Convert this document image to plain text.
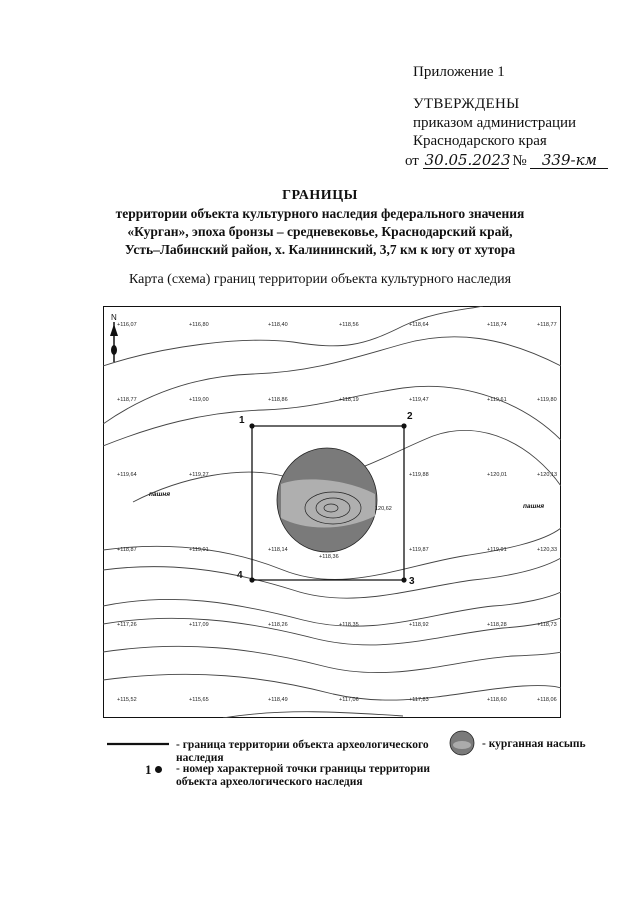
Приложение 1
УТВЕРЖДЕНЫ
приказом администрации
Краснодарского края
от 30.05.2023 № 339-км
ГРАНИЦЫ
территории объекта культурного наследия федерального значения
«Курган», эпоха бронзы – средневековье, Краснодарский край,
Усть–Лабинский район, х. Калининский, 3,7 км к югу от хутора
Карта (схема) границ территории объекта культурного наследия
N
+116,07	+116,80	+118,40	+118,56	+118,64	+118,74	+118,77
+118,77	+119,00	+118,86	+118,19	+119,47	+119,61	+119,80
+119,64	+119,27	+119,88	+120,01	+120,13
+118,87	+119,01	+118,14
+118,36
+119,87	+119,91	+120,33
+117,26	+117,09	+118,26	+118,35	+118,92	+118,28	+118,73
+115,52	+115,65	+118,49	+117,06	+117,83	+118,60	+118,06
пашня
пашня
120,62
1	2
3
4
- граница территории объекта археологического
наследия
- курганная насыпь
1	- номер характерной точки границы территории
объекта археологического наследия
